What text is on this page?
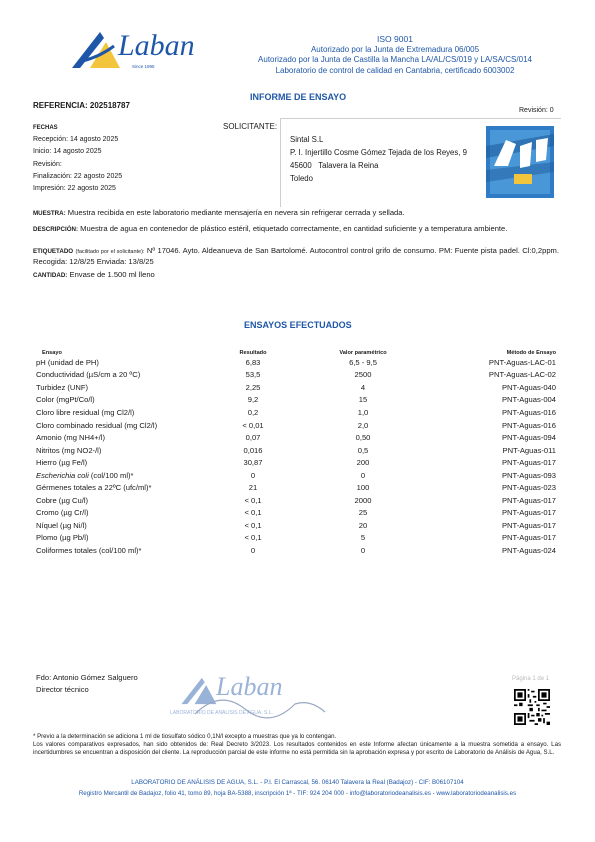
Laban
Since 1995
ISO 9001
Autorizado por la Junta de Extremadura 06/005
Autorizado por la Junta de Castilla la Mancha LA/AL/CS/019 y LA/SA/CS/014
Laboratorio de control de calidad en Cantabria, certificado 6003002
INFORME DE ENSAYO
REFERENCIA: 202518787
Revisión: 0
FECHAS
Recepción: 14 agosto 2025
Inicio: 14 agosto 2025
Revisión:
Finalización: 22 agosto 2025
Impresión: 22 agosto 2025
SOLICITANTE:
Sintal S.L
P. I. Injertillo Cosme Gómez Tejada de los Reyes, 9
45600 Talavera la Reina
Toledo
MUESTRA: Muestra recibida en este laboratorio mediante mensajería en nevera sin refrigerar cerrada y sellada.
DESCRIPCIÓN: Muestra de agua en contenedor de plástico estéril, etiquetado correctamente, en cantidad suficiente y a temperatura ambiente.
ETIQUETADO (facilitado por el solicitante): Nº 17046. Ayto. Aldeanueva de San Bartolomé. Autocontrol control grifo de consumo. PM: Fuente pista padel. Cl:0,2ppm. Recogida: 12/8/25 Enviada: 13/8/25
CANTIDAD: Envase de 1.500 ml lleno
ENSAYOS EFECTUADOS
Ensayo	Resultado	Valor paramétrico	Método de Ensayo
pH (unidad de PH)	6,83	6,5 - 9,5	PNT-Aguas-LAC-01
Conductividad (µS/cm a 20 ºC)	53,5	2500	PNT-Aguas-LAC-02
Turbidez (UNF)	2,25	4	PNT-Aguas-040
Color (mgPt/Co/l)	9,2	15	PNT-Aguas-004
Cloro libre residual (mg Cl2/l)	0,2	1,0	PNT-Aguas-016
Cloro combinado residual (mg Cl2/l)	< 0,01	2,0	PNT-Aguas-016
Amonio (mg NH4+/l)	0,07	0,50	PNT-Aguas-094
Nitritos (mg NO2-/l)	0,016	0,5	PNT-Aguas-011
Hierro (µg Fe/l)	30,87	200	PNT-Aguas-017
Escherichia coli (col/100 ml)*	0	0	PNT-Aguas-093
Gérmenes totales a 22ºC (ufc/ml)*	21	100	PNT-Aguas-023
Cobre (µg Cu/l)	< 0,1	2000	PNT-Aguas-017
Cromo (µg Cr/l)	< 0,1	25	PNT-Aguas-017
Níquel (µg Ni/l)	< 0,1	20	PNT-Aguas-017
Plomo (µg Pb/l)	< 0,1	5	PNT-Aguas-017
Coliformes totales (col/100 ml)*	0	0	PNT-Aguas-024
Fdo: Antonio Gómez Salguero
Director técnico	Laban
LABORATORIO DE ANÁLISIS DE AGUA, S.L.
Página 1 de 1
* Previo a la determinación se adiciona 1 ml de tiosulfato sódico 0,1N/l excepto a muestras que ya lo contengan.
Los valores comparativos expresados, han sido obtenidos de: Real Decreto 3/2023. Los resultados contenidos en este Informe afectan únicamente a la muestra sometida a ensayo. Las incertidumbres se encuentran a disposición del cliente. La reproducción parcial de este informe no está permitida sin la aprobación expresa y por escrito de Laboratorio de Análisis de Agua, S.L.
LABORATORIO DE ANÁLISIS DE AGUA, S.L. - P.I. El Carrascal, 56. 06140 Talavera la Real (Badajoz) - CIF: B06107104
Registro Mercantil de Badajoz, folio 41, tomo 89, hoja BA-5388, inscripción 1ª - TIF: 924 204 000 - info@laboratoriodeanalisis.es - www.laboratoriodeanalisis.es
